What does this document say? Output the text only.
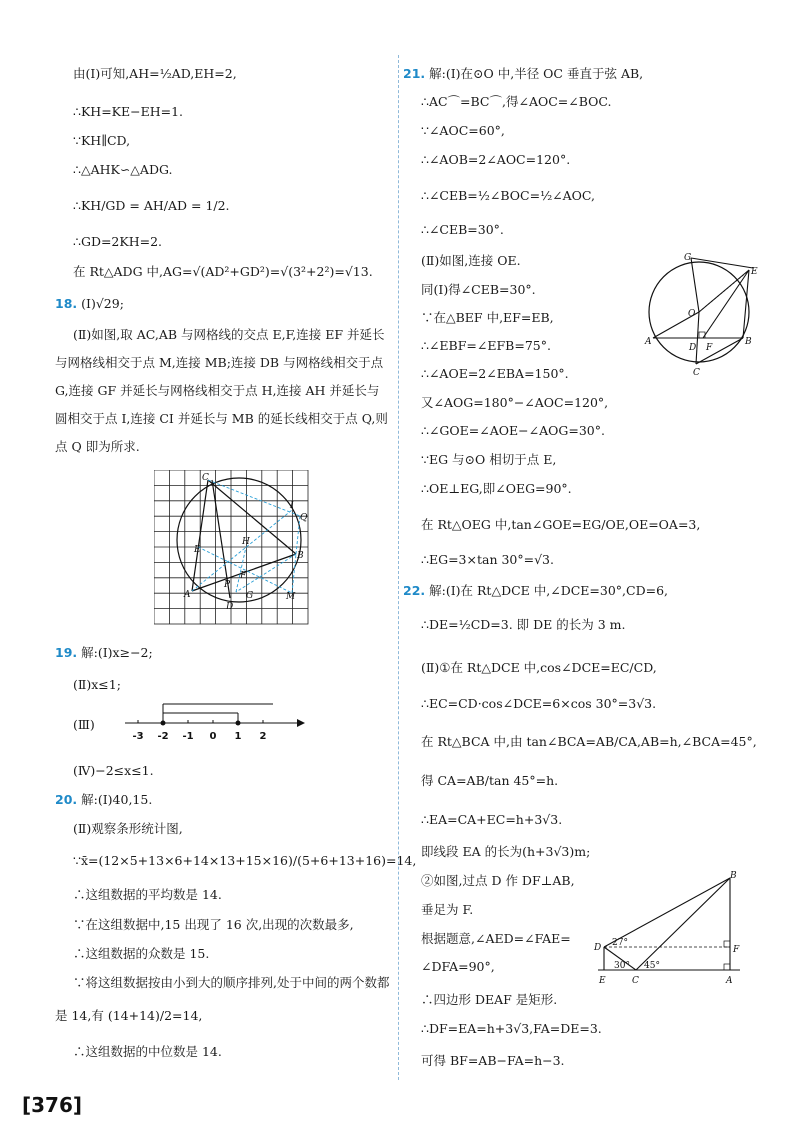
由(Ⅰ)可知,AH=½AD,EH=2,
∴KH=KE−EH=1.
∵KH∥CD,
∴△AHK∽△ADG.
∴KH/GD = AH/AD = 1/2.
∴GD=2KH=2.
在 Rt△ADG 中,AG=√(AD²+GD²)=√(3²+2²)=√13.
18. (Ⅰ)√29;
(Ⅱ)如图,取 AC,AB 与网格线的交点 E,F,连接 EF 并延长
与网格线相交于点 M,连接 MB;连接 DB 与网格线相交于点
G,连接 GF 并延长与网格线相交于点 H,连接 AH 并延长与
圆相交于点 I,连接 CI 并延长与 MB 的延长线相交于点 Q,则
点 Q 即为所求.
C
I
Q
H
E
B
F
P
A	G
D
M
19. 解:(Ⅰ)x≥−2;
(Ⅱ)x≤1;
(Ⅲ)
-3 -2 -1 0 1 2
(Ⅳ)−2≤x≤1.
20. 解:(Ⅰ)40,15.
(Ⅱ)观察条形统计图,
∵x̄=(12×5+13×6+14×13+15×16)/(5+6+13+16)=14,
∴这组数据的平均数是 14.
∵在这组数据中,15 出现了 16 次,出现的次数最多,
∴这组数据的众数是 15.
∵将这组数据按由小到大的顺序排列,处于中间的两个数都
是 14,有 (14+14)/2=14,
∴这组数据的中位数是 14.
21. 解:(Ⅰ)在⊙O 中,半径 OC 垂直于弦 AB,
∴AC⌒=BC⌒,得∠AOC=∠BOC.
∵∠AOC=60°,
∴∠AOB=2∠AOC=120°.
∴∠CEB=½∠BOC=½∠AOC,
∴∠CEB=30°.
(Ⅱ)如图,连接 OE.
同(Ⅰ)得∠CEB=30°.
∵在△BEF 中,EF=EB,
∴∠EBF=∠EFB=75°.
∴∠AOE=2∠EBA=150°.
又∠AOG=180°−∠AOC=120°,
∴∠GOE=∠AOE−∠AOG=30°.
∵EG 与⊙O 相切于点 E,
∴OE⊥EG,即∠OEG=90°.
在 Rt△OEG 中,tan∠GOE=EG/OE,OE=OA=3,
∴EG=3×tan 30°=√3.
G
E
O
A
D F
B
C
22. 解:(Ⅰ)在 Rt△DCE 中,∠DCE=30°,CD=6,
∴DE=½CD=3. 即 DE 的长为 3 m.
(Ⅱ)①在 Rt△DCE 中,cos∠DCE=EC/CD,
∴EC=CD·cos∠DCE=6×cos 30°=3√3.
在 Rt△BCA 中,由 tan∠BCA=AB/CA,AB=h,∠BCA=45°,
得 CA=AB/tan 45°=h.
∴EA=CA+EC=h+3√3.
即线段 EA 的长为(h+3√3)m;
②如图,过点 D 作 DF⊥AB,
垂足为 F.
根据题意,∠AED=∠FAE=
∠DFA=90°,
∴四边形 DEAF 是矩形.
∴DF=EA=h+3√3,FA=DE=3.
可得 BF=AB−FA=h−3.
B
D 27°
F
30° 45°
E	C	A
[376]
